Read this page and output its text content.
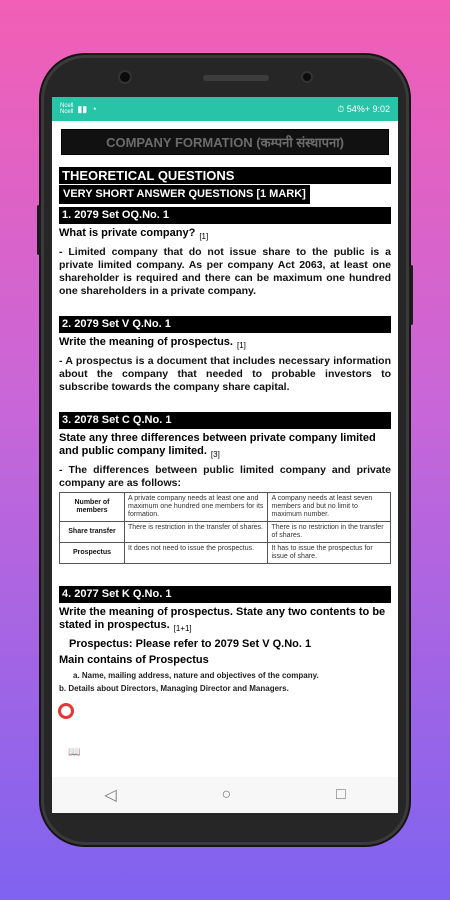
Ncell
Ncell ▮▮ ◔	⏱ 54%+ 9:02
COMPANY FORMATION (कम्पनी संस्थापना)
THEORETICAL QUESTIONS
VERY SHORT ANSWER QUESTIONS [1 MARK]
1. 2079 Set OQ.No. 1
What is private company? $_{[1]}$
- Limited company that do not issue share to the public is a private limited company. As per company Act 2063, at least one shareholder is required and there can be maximum one hundred one shareholders in a private company.
2. 2079 Set V Q.No. 1
Write the meaning of prospectus. $_{[1]}$
- A prospectus is a document that includes necessary information about the company that needed to probable investors to subscribe towards the company share capital.
3. 2078 Set C Q.No. 1
State any three differences between private company limited and public company limited. $_{[3]}$
- The differences between public limited company and private company are as follows:
Number of members	A private company needs at least one and maximum one hundred one members for its formation.	A company needs at least seven members and but no limit to maximum number.
Share transfer	There is restriction in the transfer of shares.	There is no restriction in the transfer of shares.
Prospectus	It does not need to issue the prospectus.	It has to issue the prospectus for issue of share.
4. 2077 Set K Q.No. 1
Write the meaning of prospectus. State any two contents to be stated in prospectus. $_{[1+1]}$
Prospectus: Please refer to 2079 Set V Q.No. 1
Main contains of Prospectus
a. Name, mailing address, nature and objectives of the company.
b. Details about Directors, Managing Director and Managers.
📖
◁	○	□
